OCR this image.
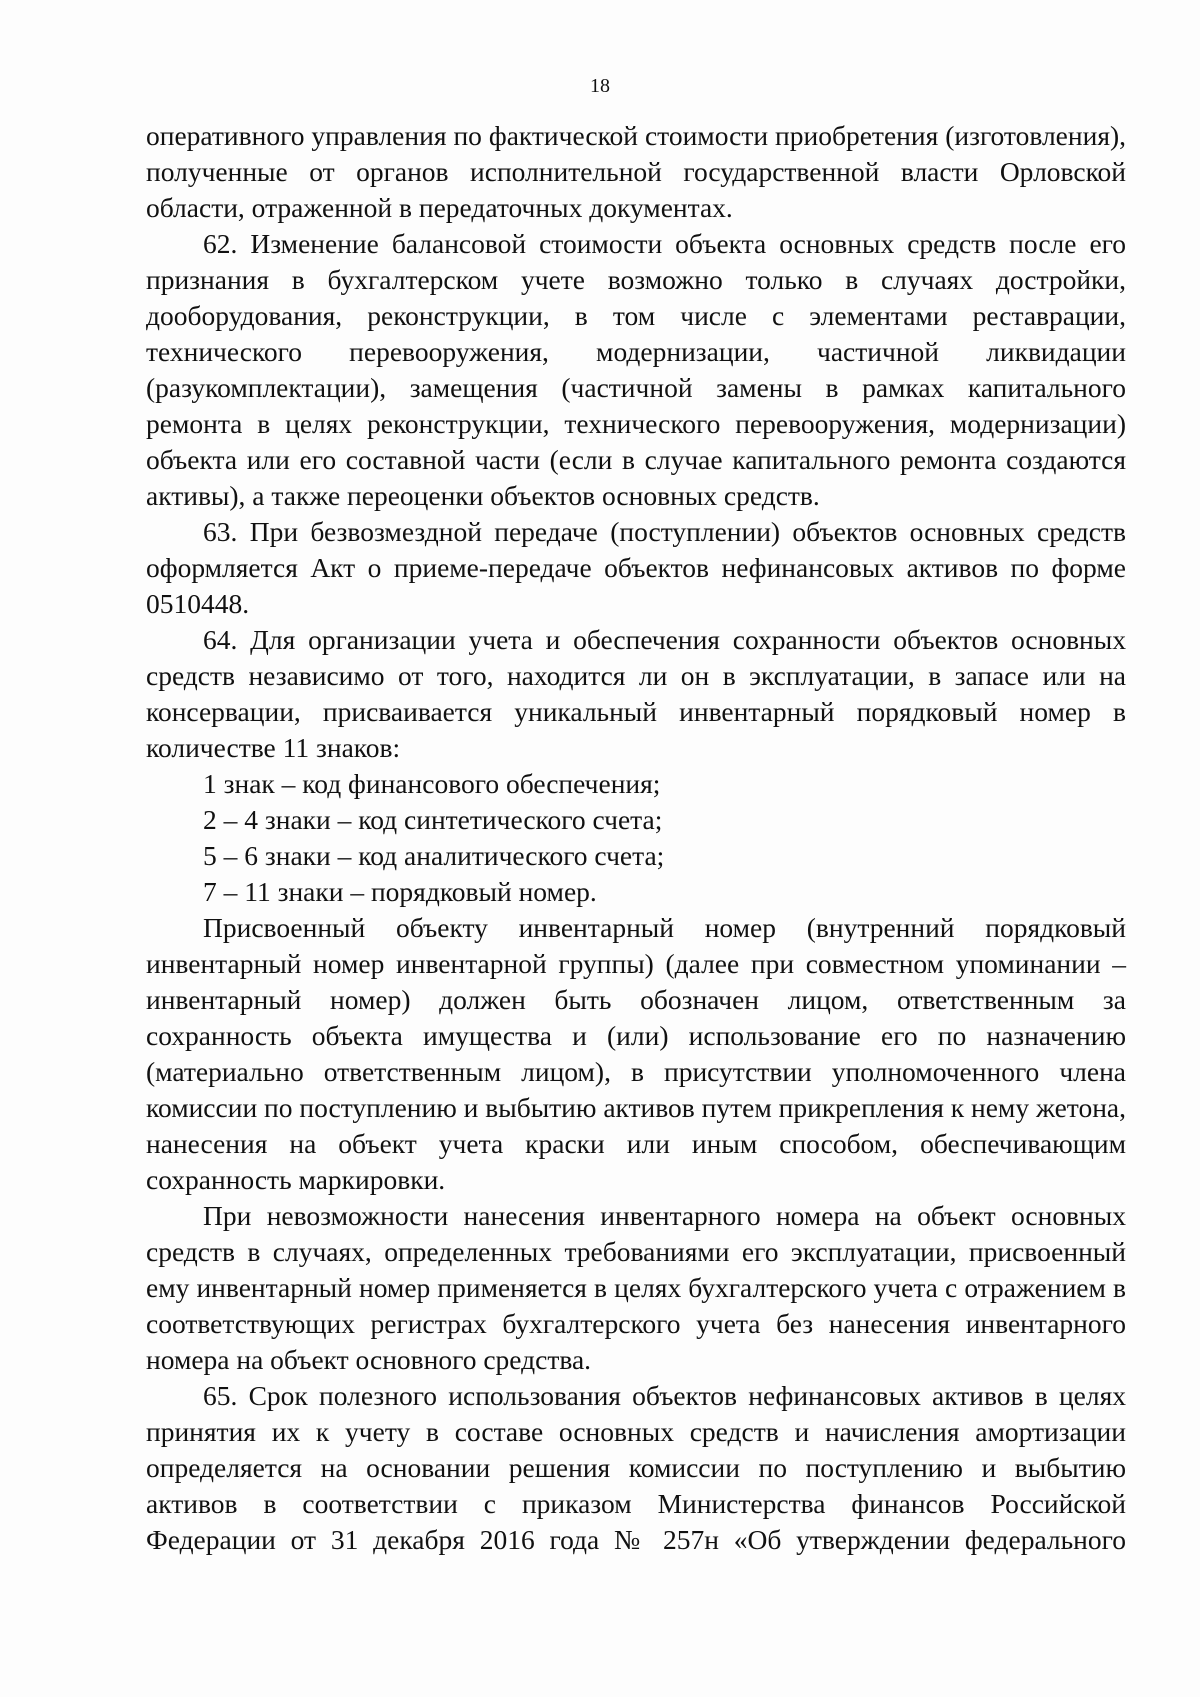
18

оперативного управления по фактической стоимости приобретения (изготовления), полученные от органов исполнительной государственной власти Орловской области, отраженной в передаточных документах.

62. Изменение балансовой стоимости объекта основных средств после его признания в бухгалтерском учете возможно только в случаях достройки, дооборудования, реконструкции, в том числе с элементами реставрации, технического перевооружения, модернизации, частичной ликвидации (разукомплектации), замещения (частичной замены в рамках капитального ремонта в целях реконструкции, технического перевооружения, модернизации) объекта или его составной части (если в случае капитального ремонта создаются активы), а также переоценки объектов основных средств.

63. При безвозмездной передаче (поступлении) объектов основных средств оформляется Акт о приеме-передаче объектов нефинансовых активов по форме 0510448.

64. Для организации учета и обеспечения сохранности объектов основных средств независимо от того, находится ли он в эксплуатации, в запасе или на консервации, присваивается уникальный инвентарный порядковый номер в количестве 11 знаков:

1 знак – код финансового обеспечения;

2 – 4 знаки – код синтетического счета;

5 – 6 знаки – код аналитического счета;

7 – 11 знаки – порядковый номер.

Присвоенный объекту инвентарный номер (внутренний порядковый инвентарный номер инвентарной группы) (далее при совместном упоминании – инвентарный номер) должен быть обозначен лицом, ответственным за сохранность объекта имущества и (или) использование его по назначению (материально ответственным лицом), в присутствии уполномоченного члена комиссии по поступлению и выбытию активов путем прикрепления к нему жетона, нанесения на объект учета краски или иным способом, обеспечивающим сохранность маркировки.

При невозможности нанесения инвентарного номера на объект основных средств в случаях, определенных требованиями его эксплуатации, присвоенный ему инвентарный номер применяется в целях бухгалтерского учета с отражением в соответствующих регистрах бухгалтерского учета без нанесения инвентарного номера на объект основного средства.

65. Срок полезного использования объектов нефинансовых активов в целях принятия их к учету в составе основных средств и начисления амортизации определяется на основании решения комиссии по поступлению и выбытию активов в соответствии с приказом Министерства финансов Российской Федерации от 31 декабря 2016 года № 257н «Об утверждении федерального
